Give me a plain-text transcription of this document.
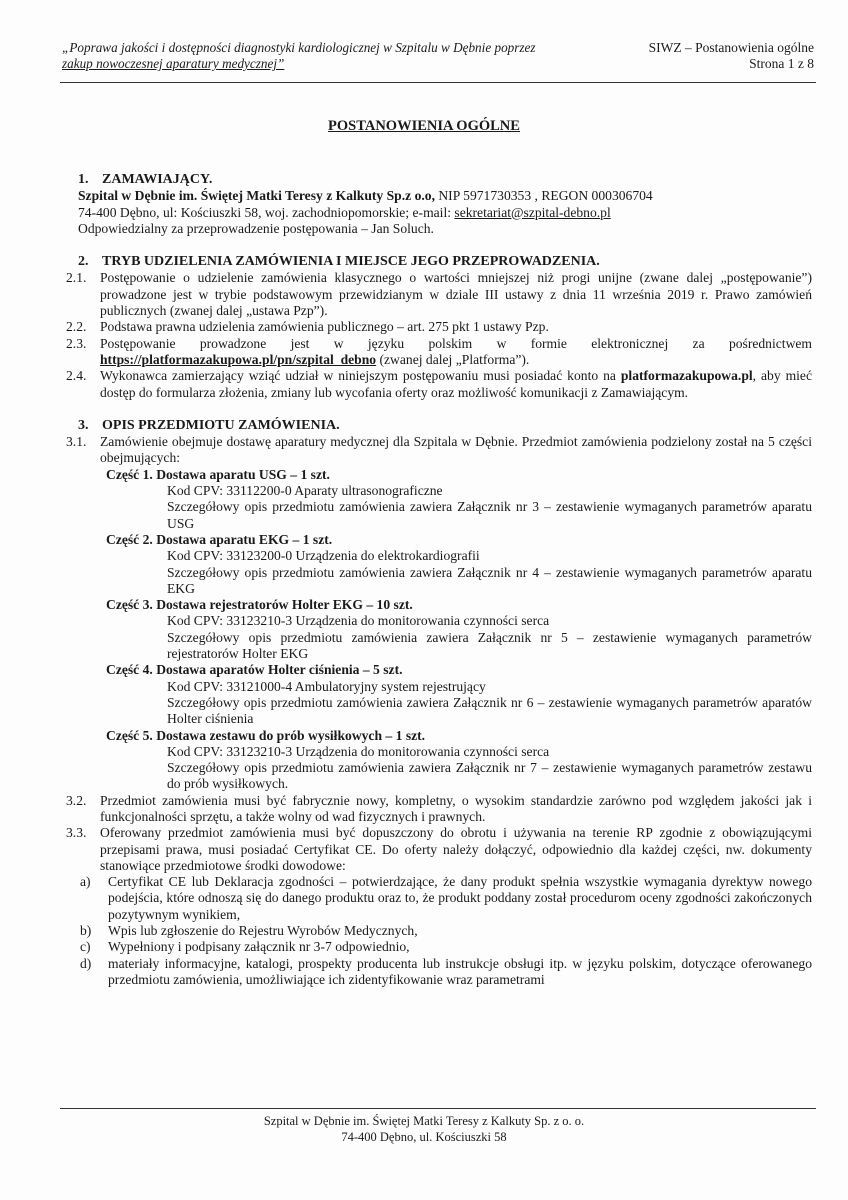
„Poprawa jakości i dostępności diagnostyki kardiologicznej w Szpitalu w Dębnie poprzez
zakup nowoczesnej aparatury medycznej”
SIWZ – Postanowienia ogólne
Strona 1 z 8
POSTANOWIENIA OGÓLNE

1. ZAMAWIAJĄCY.

Szpital w Dębnie im. Świętej Matki Teresy z Kalkuty Sp.z o.o, NIP 5971730353 , REGON 000306704

74-400 Dębno, ul: Kościuszki 58, woj. zachodniopomorskie; e-mail: sekretariat@szpital-debno.pl

Odpowiedzialny za przeprowadzenie postępowania – Jan Soluch.

2. TRYB UDZIELENIA ZAMÓWIENIA I MIEJSCE JEGO PRZEPROWADZENIA.

2.1.	Postępowanie o udzielenie zamówienia klasycznego o wartości mniejszej niż progi unijne (zwane dalej „postępowanie”) prowadzone jest w trybie podstawowym przewidzianym w dziale III ustawy z dnia 11 września 2019 r. Prawo zamówień publicznych (zwanej dalej „ustawa Pzp”).
2.2.	Podstawa prawna udzielenia zamówienia publicznego – art. 275 pkt 1 ustawy Pzp.
2.3.	Postępowanie prowadzone jest w języku polskim w formie elektronicznej za pośrednictwem https://platformazakupowa.pl/pn/szpital_debno (zwanej dalej „Platforma”).
2.4.	Wykonawca zamierzający wziąć udział w niniejszym postępowaniu musi posiadać konto na platformazakupowa.pl, aby mieć dostęp do formularza złożenia, zmiany lub wycofania oferty oraz możliwość komunikacji z Zamawiającym.

3. OPIS PRZEDMIOTU ZAMÓWIENIA.

3.1.	Zamówienie obejmuje dostawę aparatury medycznej dla Szpitala w Dębnie. Przedmiot zamówienia podzielony został na 5 części obejmujących:

Część 1. Dostawa aparatu USG – 1 szt.

Kod CPV: 33112200-0 Aparaty ultrasonograficzne
Szczegółowy opis przedmiotu zamówienia zawiera Załącznik nr 3 – zestawienie wymaganych parametrów aparatu USG

Część 2. Dostawa aparatu EKG – 1 szt.

Kod CPV: 33123200-0 Urządzenia do elektrokardiografii
Szczegółowy opis przedmiotu zamówienia zawiera Załącznik nr 4 – zestawienie wymaganych parametrów aparatu EKG

Część 3. Dostawa rejestratorów Holter EKG – 10 szt.

Kod CPV: 33123210-3 Urządzenia do monitorowania czynności serca
Szczegółowy opis przedmiotu zamówienia zawiera Załącznik nr 5 – zestawienie wymaganych parametrów rejestratorów Holter EKG

Część 4. Dostawa aparatów Holter ciśnienia – 5 szt.

Kod CPV: 33121000-4 Ambulatoryjny system rejestrujący
Szczegółowy opis przedmiotu zamówienia zawiera Załącznik nr 6 – zestawienie wymaganych parametrów aparatów Holter ciśnienia

Część 5. Dostawa zestawu do prób wysiłkowych – 1 szt.

Kod CPV: 33123210-3 Urządzenia do monitorowania czynności serca
Szczegółowy opis przedmiotu zamówienia zawiera Załącznik nr 7 – zestawienie wymaganych parametrów zestawu do prób wysiłkowych.
3.2.	Przedmiot zamówienia musi być fabrycznie nowy, kompletny, o wysokim standardzie zarówno pod względem jakości jak i funkcjonalności sprzętu, a także wolny od wad fizycznych i prawnych.
3.3.	Oferowany przedmiot zamówienia musi być dopuszczony do obrotu i używania na terenie RP zgodnie z obowiązującymi przepisami prawa, musi posiadać Certyfikat CE. Do oferty należy dołączyć, odpowiednio dla każdej części, nw. dokumenty stanowiące przedmiotowe środki dowodowe:
a)	Certyfikat CE lub Deklaracja zgodności – potwierdzające, że dany produkt spełnia wszystkie wymagania dyrektyw nowego podejścia, które odnoszą się do danego produktu oraz to, że produkt poddany został procedurom oceny zgodności zakończonych pozytywnym wynikiem,
b)	Wpis lub zgłoszenie do Rejestru Wyrobów Medycznych,
c)	Wypełniony i podpisany załącznik nr 3-7 odpowiednio,
d)	materiały informacyjne, katalogi, prospekty producenta lub instrukcje obsługi itp. w języku polskim, dotyczące oferowanego przedmiotu zamówienia, umożliwiające ich zidentyfikowanie wraz parametrami
Szpital w Dębnie im. Świętej Matki Teresy z Kalkuty Sp. z o. o.
74-400 Dębno, ul. Kościuszki 58
